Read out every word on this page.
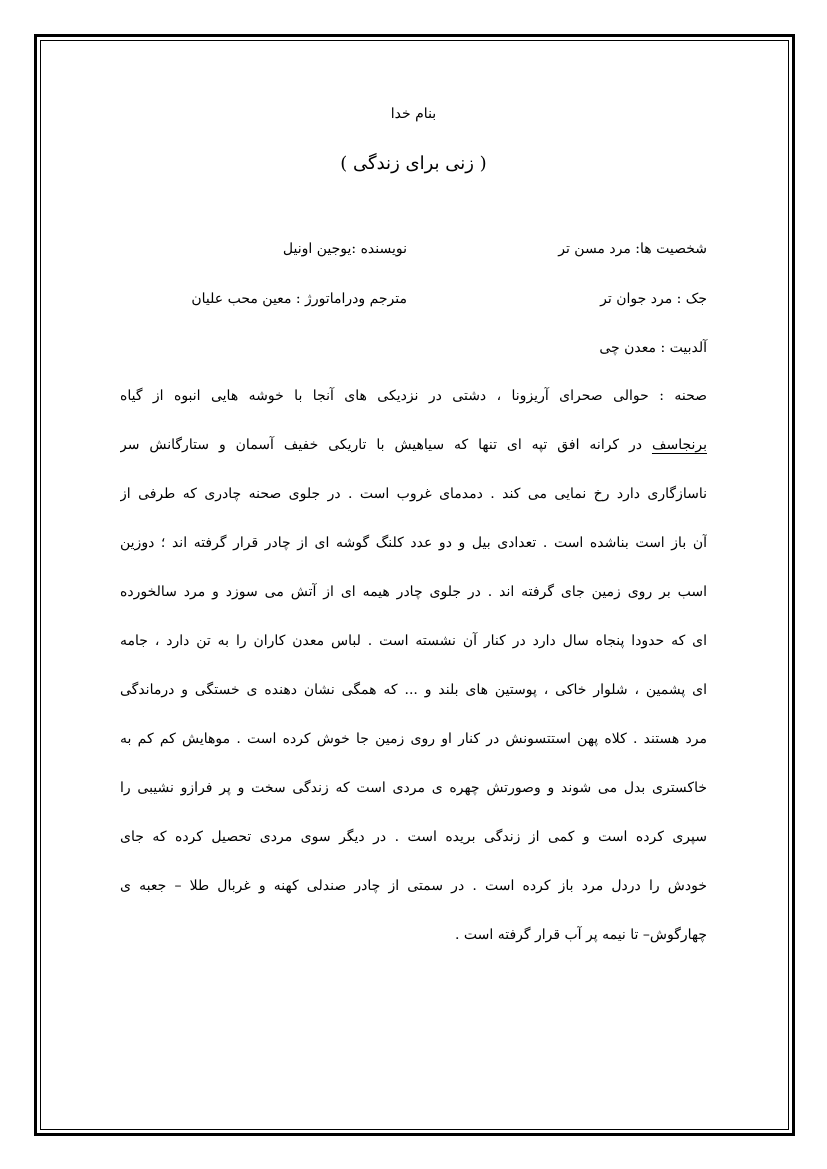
بنام خدا
( زنی برای زندگی )
شخصیت ها: مرد مسن تر
نویسنده :یوجین اونیل
جک : مرد جوان تر
مترجم ودراماتورژ : معین محب علیان
آلدبیت : معدن چی
صحنه : حوالی صحرای آریزونا ، دشتی در نزدیکی های آنجا با خوشه هایی انبوه از گیاه
برنجاسف در کرانه افق تپه ای تنها که سیاهیش با تاریکی خفیف آسمان و ستارگانش سر
ناسازگاری دارد رخ نمایی می کند . دمدمای غروب است . در جلوی صحنه چادری که طرفی از
آن باز است بناشده است . تعدادی بیل و دو عدد کلنگ گوشه ای از چادر قرار گرفته اند ؛ دوزین
اسب بر روی زمین جای گرفته اند . در جلوی چادر هیمه ای از آتش می سوزد و مرد سالخورده
ای که حدودا پنجاه سال دارد در کنار آن نشسته است . لباس معدن کاران را به تن دارد ، جامه
ای پشمین ، شلوار خاکی ، پوستین های بلند و ... که همگی نشان دهنده ی خستگی و درماندگی
مرد هستند . کلاه پهن استتسونش در کنار او روی زمین جا خوش کرده است . موهایش کم کم به
خاکستری بدل می شوند و وصورتش چهره ی مردی است که زندگی سخت و پر فرازو نشیبی را
سپری کرده است و کمی از زندگی بریده است . در دیگر سوی مردی تحصیل کرده که جای
خودش را دردل مرد باز کرده است . در سمتی از چادر صندلی کهنه و غربال طلا – جعبه ی
چهارگوش– تا نیمه پر آب قرار گرفته است .
